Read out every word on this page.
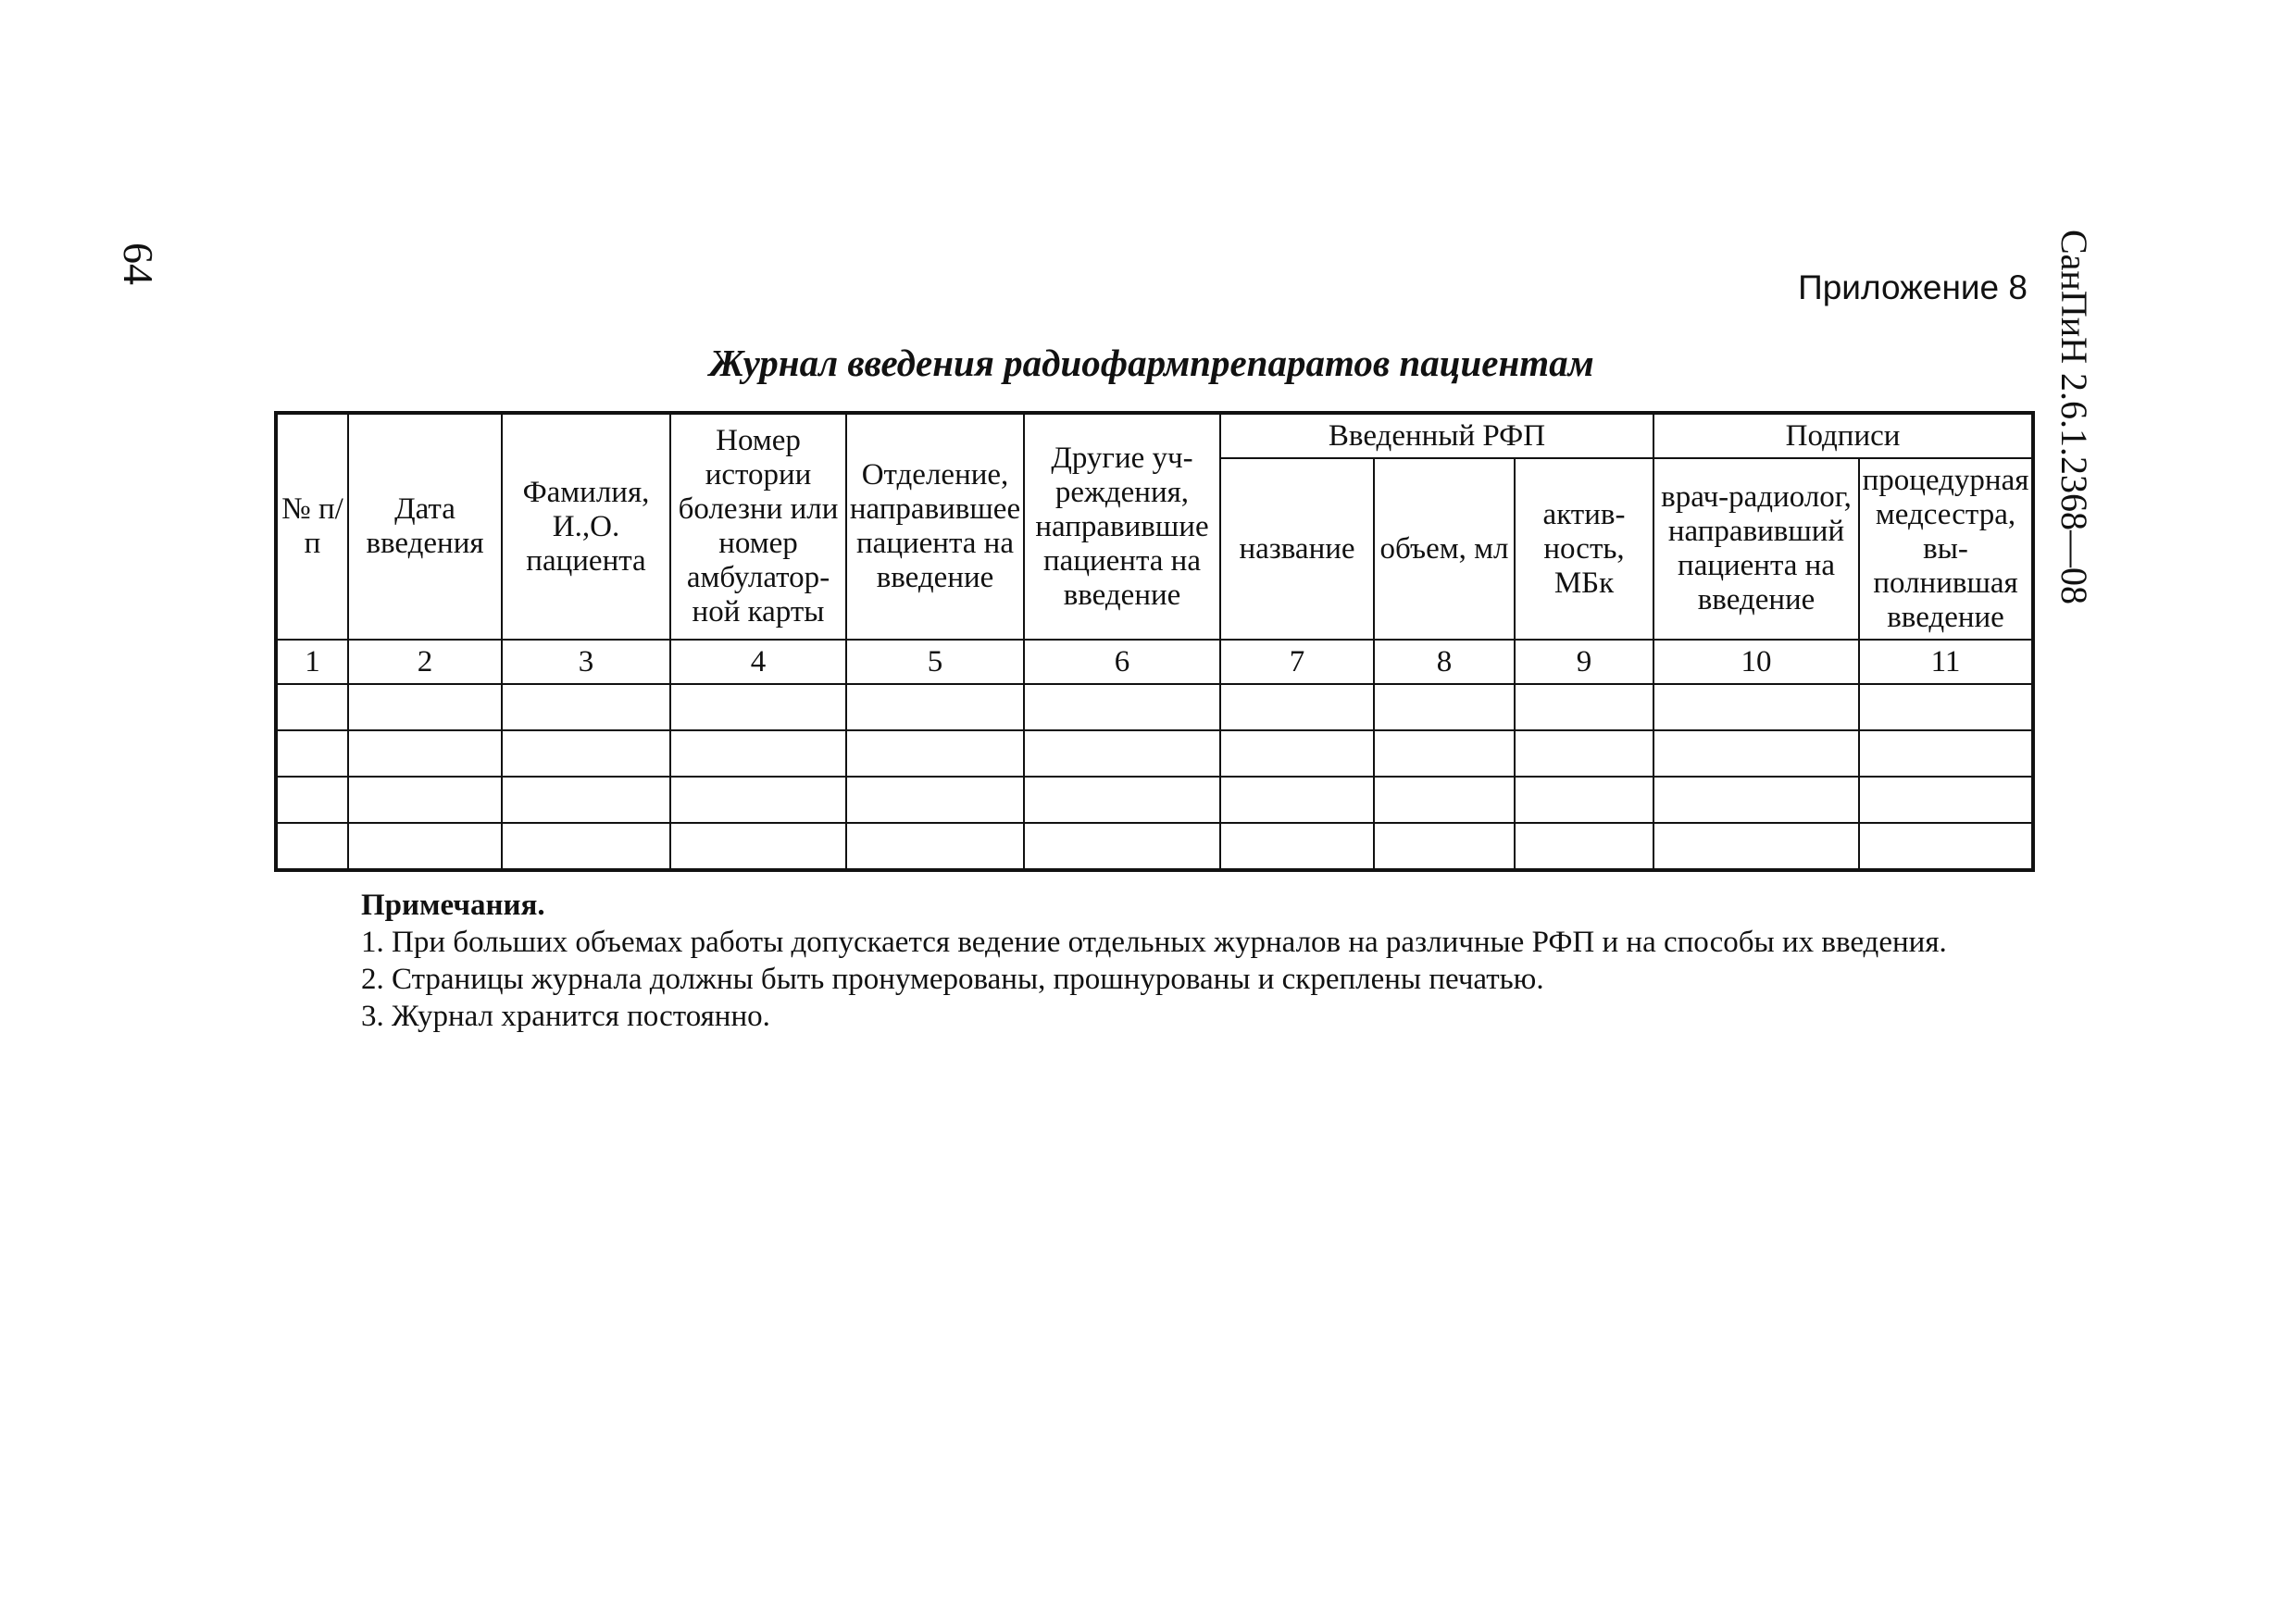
64	СанПиН 2.6.1.2368—08
Приложение 8
Журнал введения радиофармпрепаратов пациентам
№ п/п	Дата введения	Фамилия, И.,О. пациента	Номер истории болезни или номер амбулаторной карты	Отделение, направившее пациента на введение	Другие учреждения, направившие пациента на введение	Введенный РФП			Подписи	
						название	объем, мл	активность, МБк	врач-радиолог, направивший пациента на введение	процедурная медсестра, выполнившая введение
1	2	3	4	5	6	7	8	9	10	11

Примечания.

1. При больших объемах работы допускается ведение отдельных журналов на различные РФП и на способы их введения.

2. Страницы журнала должны быть пронумерованы, прошнурованы и скреплены печатью.

3. Журнал хранится постоянно.
